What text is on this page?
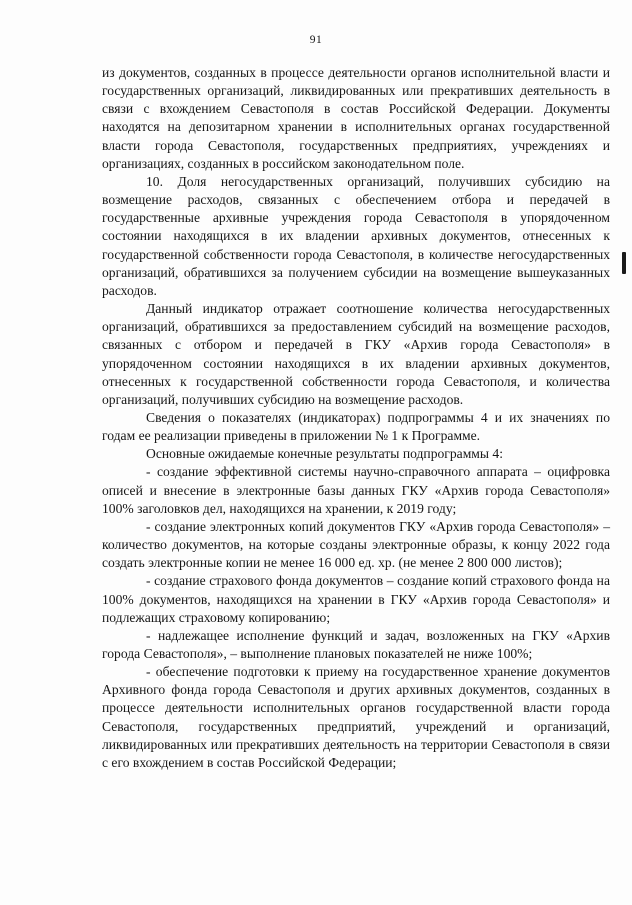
91

из документов, созданных в процессе деятельности органов исполнительной власти и государственных организаций, ликвидированных или прекративших деятельность в связи с вхождением Севастополя в состав Российской Федерации. Документы находятся на депозитарном хранении в исполнительных органах государственной власти города Севастополя, государственных предприятиях, учреждениях и организациях, созданных в российском законодательном поле.

10. Доля негосударственных организаций, получивших субсидию на возмещение расходов, связанных с обеспечением отбора и передачей в государственные архивные учреждения города Севастополя в упорядоченном состоянии находящихся в их владении архивных документов, отнесенных к государственной собственности города Севастополя, в количестве негосударственных организаций, обратившихся за получением субсидии на возмещение вышеуказанных расходов.

Данный индикатор отражает соотношение количества негосударственных организаций, обратившихся за предоставлением субсидий на возмещение расходов, связанных с отбором и передачей в ГКУ «Архив города Севастополя» в упорядоченном состоянии находящихся в их владении архивных документов, отнесенных к государственной собственности города Севастополя, и количества организаций, получивших субсидию на возмещение расходов.

Сведения о показателях (индикаторах) подпрограммы 4 и их значениях по годам ее реализации приведены в приложении № 1 к Программе.

Основные ожидаемые конечные результаты подпрограммы 4:

- создание эффективной системы научно-справочного аппарата – оцифровка описей и внесение в электронные базы данных ГКУ «Архив города Севастополя» 100% заголовков дел, находящихся на хранении, к 2019 году;

- создание электронных копий документов ГКУ «Архив города Севастополя» – количество документов, на которые созданы электронные образы, к концу 2022 года создать электронные копии не менее 16 000 ед. хр. (не менее 2 800 000 листов);

- создание страхового фонда документов – создание копий страхового фонда на 100% документов, находящихся на хранении в ГКУ «Архив города Севастополя» и подлежащих страховому копированию;

- надлежащее исполнение функций и задач, возложенных на ГКУ «Архив города Севастополя», – выполнение плановых показателей не ниже 100%;

- обеспечение подготовки к приему на государственное хранение документов Архивного фонда города Севастополя и других архивных документов, созданных в процессе деятельности исполнительных органов государственной власти города Севастополя, государственных предприятий, учреждений и организаций, ликвидированных или прекративших деятельность на территории Севастополя в связи с его вхождением в состав Российской Федерации;
